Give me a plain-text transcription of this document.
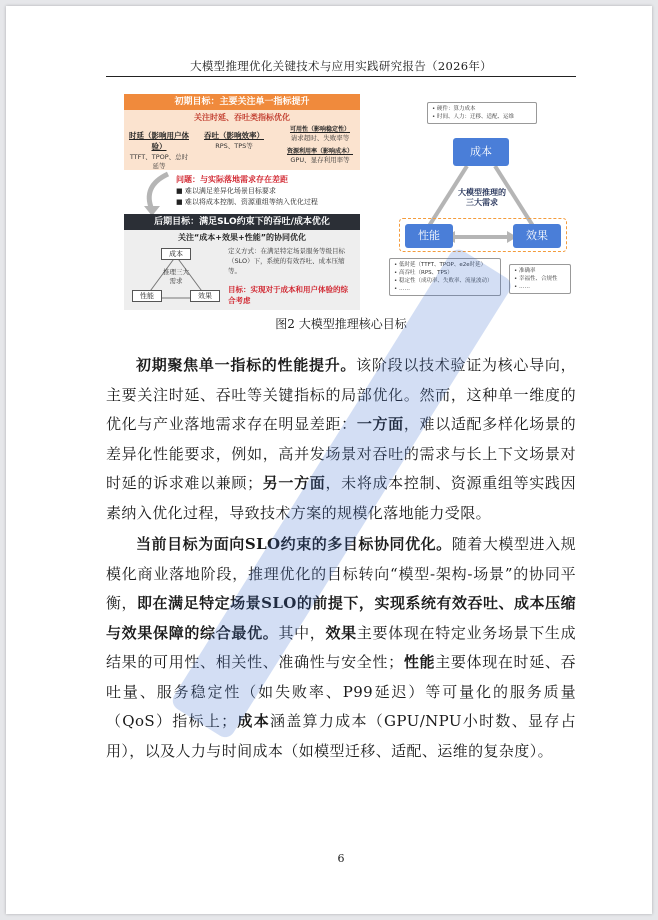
大模型推理优化关键技术与应用实践研究报告（2026年）
初期目标：主要关注单一指标提升
关注时延、吞吐类指标优化
时延（影响用户体验）
TTFT、TPOP、总时延等
吞吐（影响效率）
RPS、TPS等
可用性（影响稳定性）
请求超时、失败率等
资源利用率（影响成本）
GPU、显存利用率等
问题：与实际落地需求存在差距
■ 难以满足差异化场景目标要求
■ 难以将成本控制、资源重组等纳入优化过程
后期目标：满足SLO约束下的吞吐/成本优化
关注“成本+效果+性能”的协同优化
成本
性能	效果
推理三大需求
定义方式：在满足特定场景服务等级目标（SLO）下，系统的有效吞吐、成本压缩等。
目标：实现对于成本和用户体验的综合考虑
• 硬件：算力成本
• 时间、人力：迁移、适配、运维
成本
大模型推理的
三大需求
性能	效果
• 低时延（TTFT、TPOP、e2e时延）
• 高吞吐（RPS、TPS）
• 稳定性（成功率、失败率、流量波动）
• ……
• 准确率
• 幸福性、合规性
• ……
图2 大模型推理核心目标

初期聚焦单一指标的性能提升。该阶段以技术验证为核心导向，主要关注时延、吞吐等关键指标的局部优化。然而，这种单一维度的优化与产业落地需求存在明显差距：一方面，难以适配多样化场景的差异化性能要求，例如，高并发场景对吞吐的需求与长上下文场景对时延的诉求难以兼顾；另一方面，未将成本控制、资源重组等实践因素纳入优化过程，导致技术方案的规模化落地能力受限。

当前目标为面向SLO约束的多目标协同优化。随着大模型进入规模化商业落地阶段，推理优化的目标转向“模型-架构-场景”的协同平衡，即在满足特定场景SLO的前提下，实现系统有效吞吐、成本压缩与效果保障的综合最优。其中，效果主要体现在特定业务场景下生成结果的可用性、相关性、准确性与安全性；性能主要体现在时延、吞吐量、服务稳定性（如失败率、P99延迟）等可量化的服务质量（QoS）指标上；成本涵盖算力成本（GPU/NPU小时数、显存占用），以及人力与时间成本（如模型迁移、适配、运维的复杂度）。

6
